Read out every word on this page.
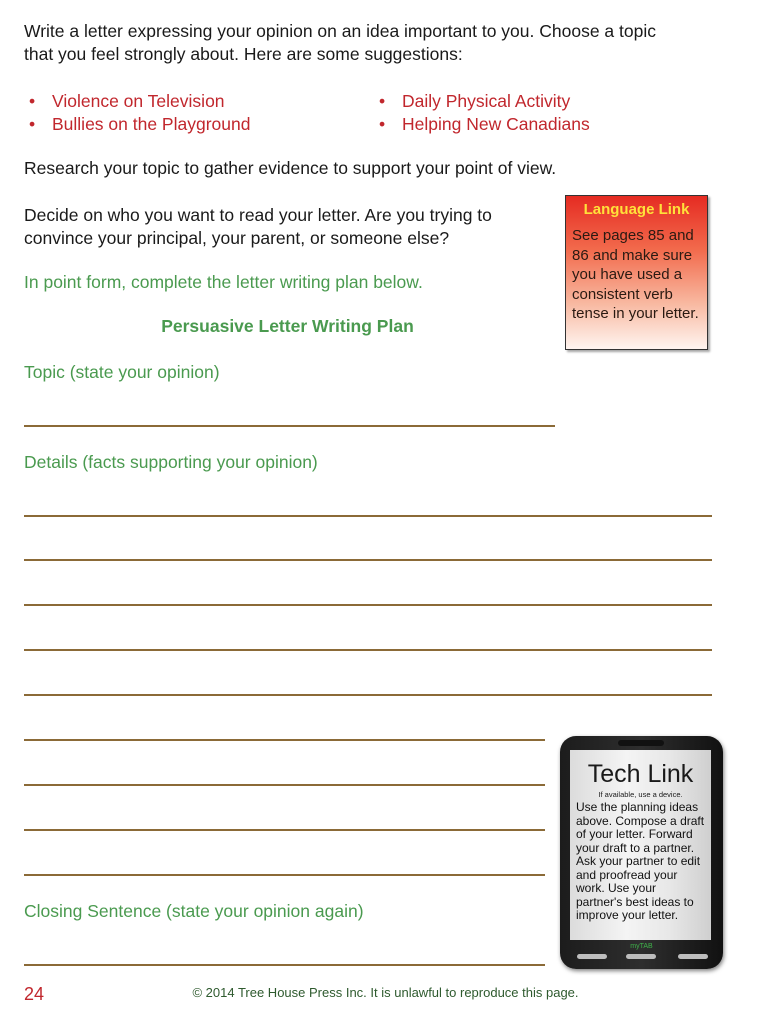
Write a letter expressing your opinion on an idea important to you. Choose a topic
that you feel strongly about. Here are some suggestions:
• Violence on Television
• Bullies on the Playground
• Daily Physical Activity
• Helping New Canadians
Research your topic to gather evidence to support your point of view.
Decide on who you want to read your letter. Are you trying to
convince your principal, your parent, or someone else?
Language Link
See pages 85 and 86 and make sure you have used a consistent verb tense in your letter.
In point form, complete the letter writing plan below.
Persuasive Letter Writing Plan
Topic (state your opinion)
Details (facts supporting your opinion)
Closing Sentence (state your opinion again)
Tech Link
If available, use a device.
Use the planning ideas above. Compose a draft of your letter. Forward your draft to a partner. Ask your partner to edit and proofread your work. Use your partner's best ideas to improve your letter.
myTAB
24	© 2014 Tree House Press Inc. It is unlawful to reproduce this page.
